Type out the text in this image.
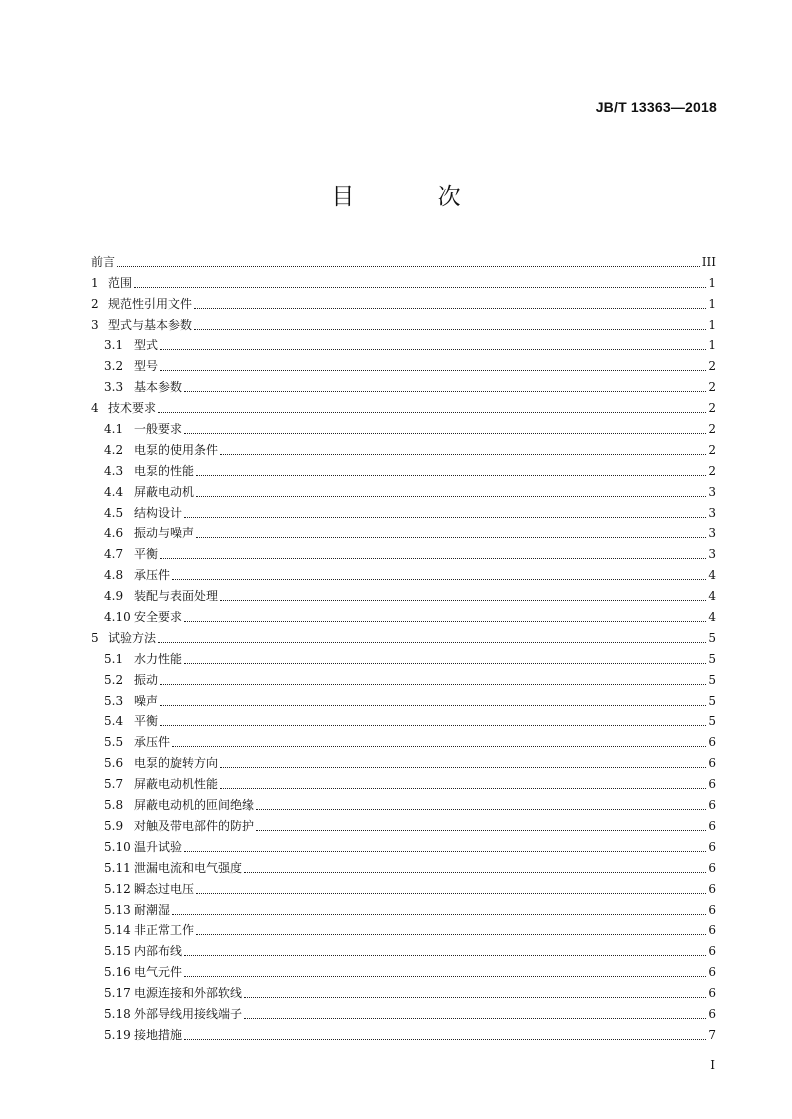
JB/T 13363—2018
目 次
前言	III
1 范围	1
2 规范性引用文件	1
3 型式与基本参数	1
3.1 型式	1
3.2 型号	2
3.3 基本参数	2
4 技术要求	2
4.1 一般要求	2
4.2 电泵的使用条件	2
4.3 电泵的性能	2
4.4 屏蔽电动机	3
4.5 结构设计	3
4.6 振动与噪声	3
4.7 平衡	3
4.8 承压件	4
4.9 装配与表面处理	4
4.10 安全要求	4
5 试验方法	5
5.1 水力性能	5
5.2 振动	5
5.3 噪声	5
5.4 平衡	5
5.5 承压件	6
5.6 电泵的旋转方向	6
5.7 屏蔽电动机性能	6
5.8 屏蔽电动机的匝间绝缘	6
5.9 对触及带电部件的防护	6
5.10 温升试验	6
5.11 泄漏电流和电气强度	6
5.12 瞬态过电压	6
5.13 耐潮湿	6
5.14 非正常工作	6
5.15 内部布线	6
5.16 电气元件	6
5.17 电源连接和外部软线	6
5.18 外部导线用接线端子	6
5.19 接地措施	7
I
